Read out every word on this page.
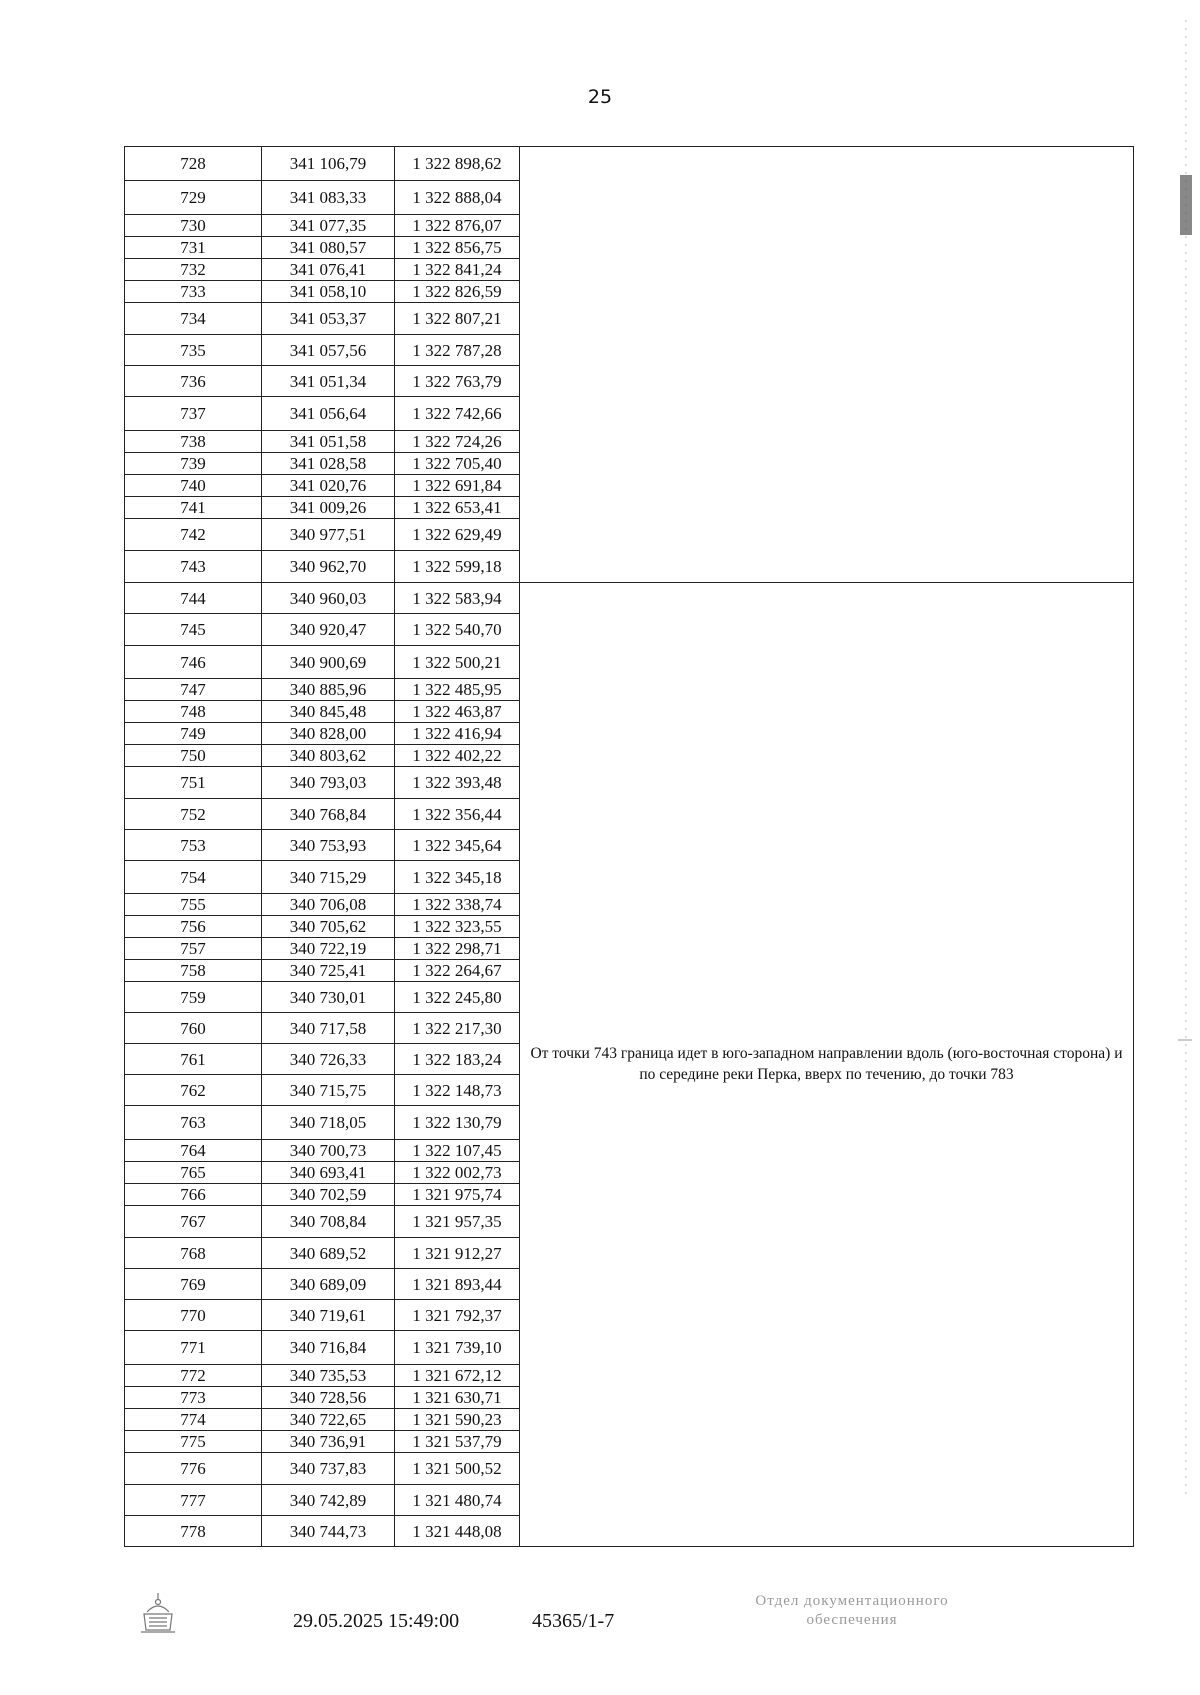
25
728	341 106,79	1 322 898,62	
729	341 083,33	1 322 888,04	
730	341 077,35	1 322 876,07	
731	341 080,57	1 322 856,75	
732	341 076,41	1 322 841,24	
733	341 058,10	1 322 826,59	
734	341 053,37	1 322 807,21	
735	341 057,56	1 322 787,28	
736	341 051,34	1 322 763,79	
737	341 056,64	1 322 742,66	
738	341 051,58	1 322 724,26	
739	341 028,58	1 322 705,40	
740	341 020,76	1 322 691,84	
741	341 009,26	1 322 653,41	
742	340 977,51	1 322 629,49	
743	340 962,70	1 322 599,18	
744	340 960,03	1 322 583,94	От точки 743 граница идет в юго-западном направлении вдоль (юго-восточная сторона) и по середине реки Перка, вверх по течению, до точки 783
745	340 920,47	1 322 540,70	
746	340 900,69	1 322 500,21	
747	340 885,96	1 322 485,95	
748	340 845,48	1 322 463,87	
749	340 828,00	1 322 416,94	
750	340 803,62	1 322 402,22	
751	340 793,03	1 322 393,48	
752	340 768,84	1 322 356,44	
753	340 753,93	1 322 345,64	
754	340 715,29	1 322 345,18	
755	340 706,08	1 322 338,74	
756	340 705,62	1 322 323,55	
757	340 722,19	1 322 298,71	
758	340 725,41	1 322 264,67	
759	340 730,01	1 322 245,80	
760	340 717,58	1 322 217,30	
761	340 726,33	1 322 183,24	
762	340 715,75	1 322 148,73	
763	340 718,05	1 322 130,79	
764	340 700,73	1 322 107,45	
765	340 693,41	1 322 002,73	
766	340 702,59	1 321 975,74	
767	340 708,84	1 321 957,35	
768	340 689,52	1 321 912,27	
769	340 689,09	1 321 893,44	
770	340 719,61	1 321 792,37	
771	340 716,84	1 321 739,10	
772	340 735,53	1 321 672,12	
773	340 728,56	1 321 630,71	
774	340 722,65	1 321 590,23	
775	340 736,91	1 321 537,79	
776	340 737,83	1 321 500,52	
777	340 742,89	1 321 480,74	
778	340 744,73	1 321 448,08	
29.05.2025 15:49:00	45365/1-7
Отдел документационного
обеспечения
